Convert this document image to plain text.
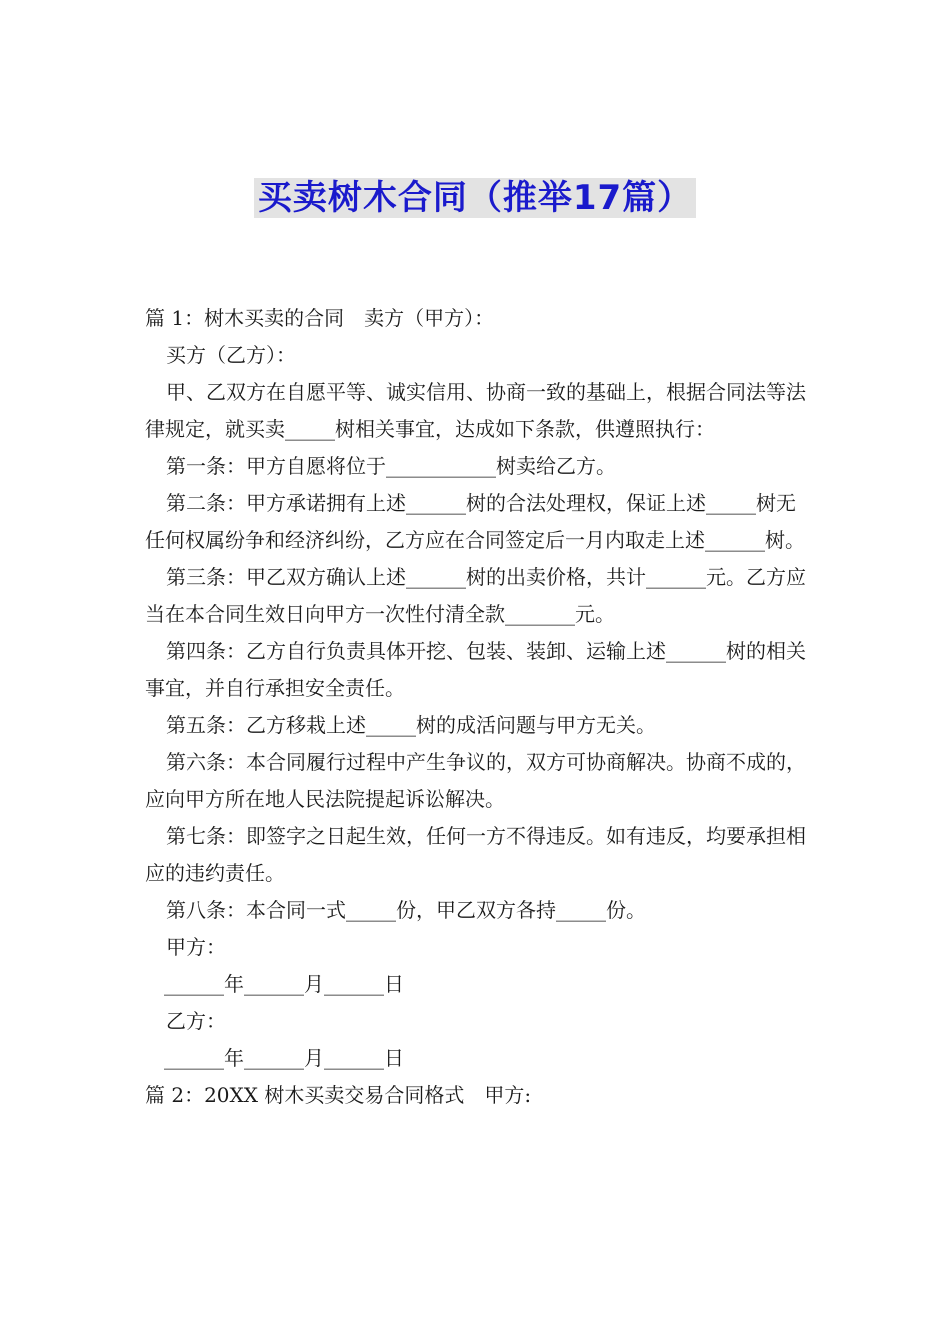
买卖树木合同（推举17篇）

篇 1：树木买卖的合同　卖方（甲方）：

买方（乙方）：

甲、乙双方在自愿平等、诚实信用、协商一致的基础上，根据合同法等法律规定，就买卖_____树相关事宜，达成如下条款，供遵照执行：

第一条：甲方自愿将位于___________树卖给乙方。

第二条：甲方承诺拥有上述______树的合法处理权，保证上述_____树无任何权属纷争和经济纠纷，乙方应在合同签定后一月内取走上述______树。

第三条：甲乙双方确认上述______树的出卖价格，共计______元。乙方应当在本合同生效日向甲方一次性付清全款_______元。

第四条：乙方自行负责具体开挖、包装、装卸、运输上述______树的相关事宜，并自行承担安全责任。

第五条：乙方移栽上述_____树的成活问题与甲方无关。

第六条：本合同履行过程中产生争议的，双方可协商解决。协商不成的，应向甲方所在地人民法院提起诉讼解决。

第七条：即签字之日起生效，任何一方不得违反。如有违反，均要承担相应的违约责任。

第八条：本合同一式_____份，甲乙双方各持_____份。

甲方：

______年______月______日

乙方：

______年______月______日

篇 2：20XX 树木买卖交易合同格式　甲方:
